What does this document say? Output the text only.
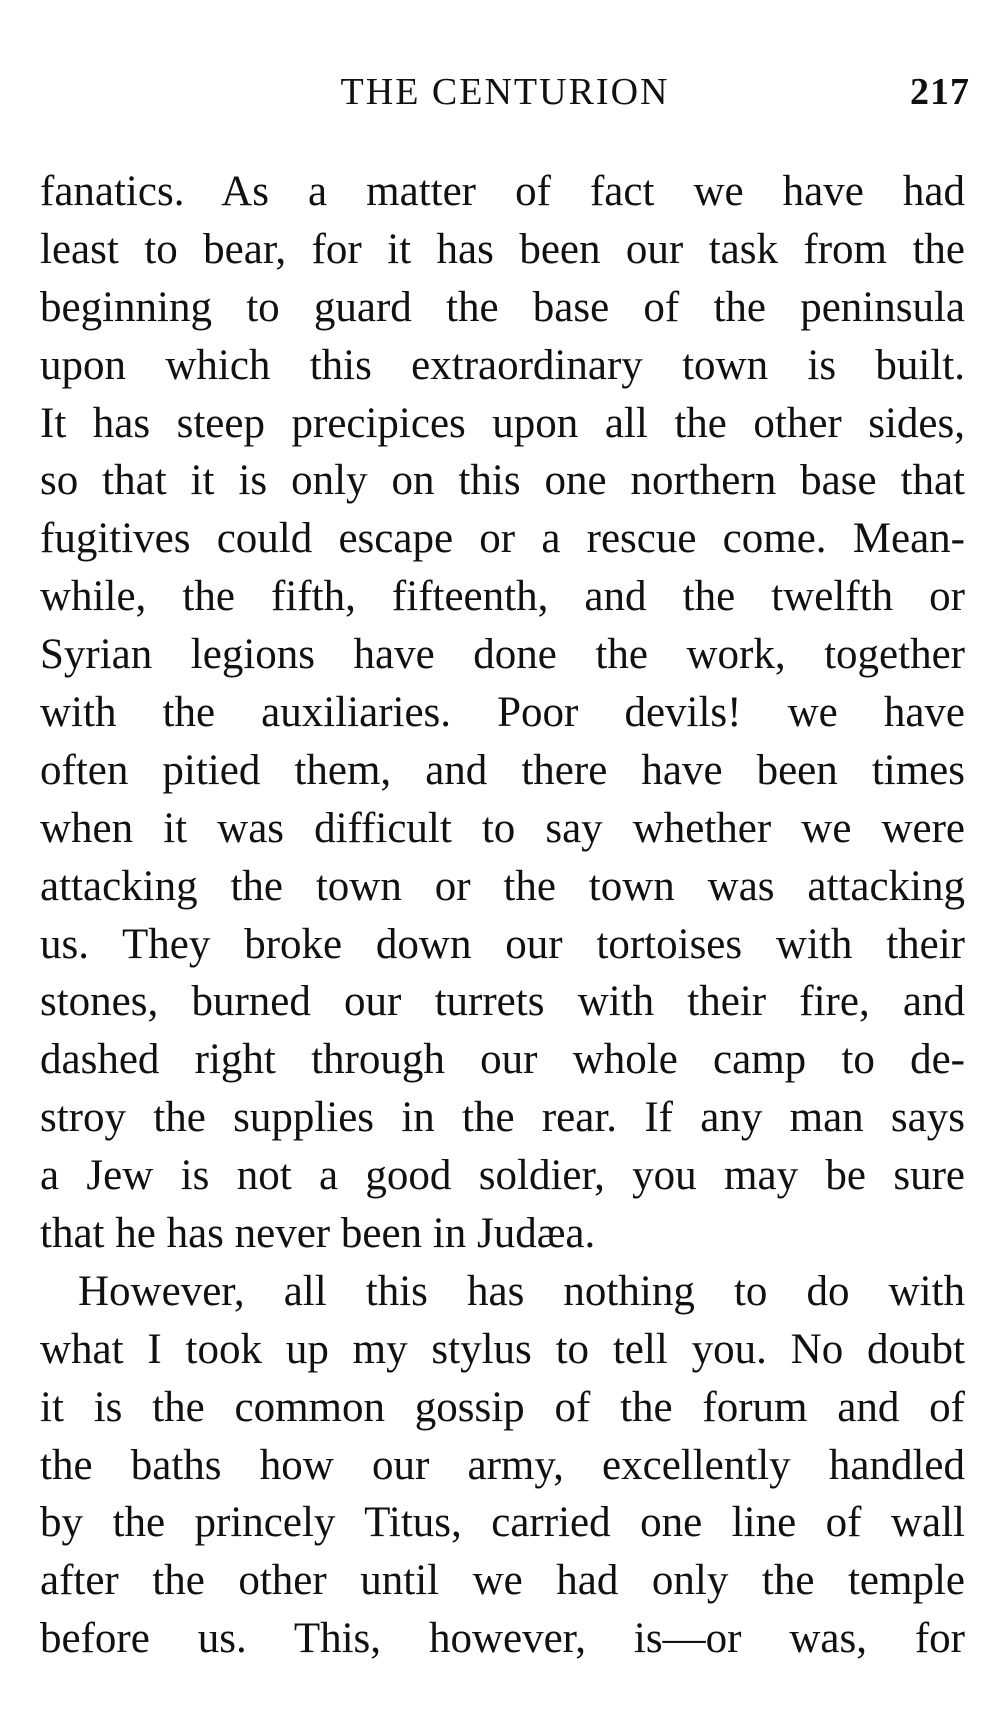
THE CENTURION	217
fanatics. As a matter of fact we have had
least to bear, for it has been our task from the
beginning to guard the base of the peninsula
upon which this extraordinary town is built.
It has steep precipices upon all the other sides,
so that it is only on this one northern base that
fugitives could escape or a rescue come. Mean-
while, the fifth, fifteenth, and the twelfth or
Syrian legions have done the work, together
with the auxiliaries. Poor devils! we have
often pitied them, and there have been times
when it was difficult to say whether we were
attacking the town or the town was attacking
us. They broke down our tortoises with their
stones, burned our turrets with their fire, and
dashed right through our whole camp to de-
stroy the supplies in the rear. If any man says
a Jew is not a good soldier, you may be sure
that he has never been in Judæa.
However, all this has nothing to do with
what I took up my stylus to tell you. No doubt
it is the common gossip of the forum and of
the baths how our army, excellently handled
by the princely Titus, carried one line of wall
after the other until we had only the temple
before us. This, however, is—or was, for
